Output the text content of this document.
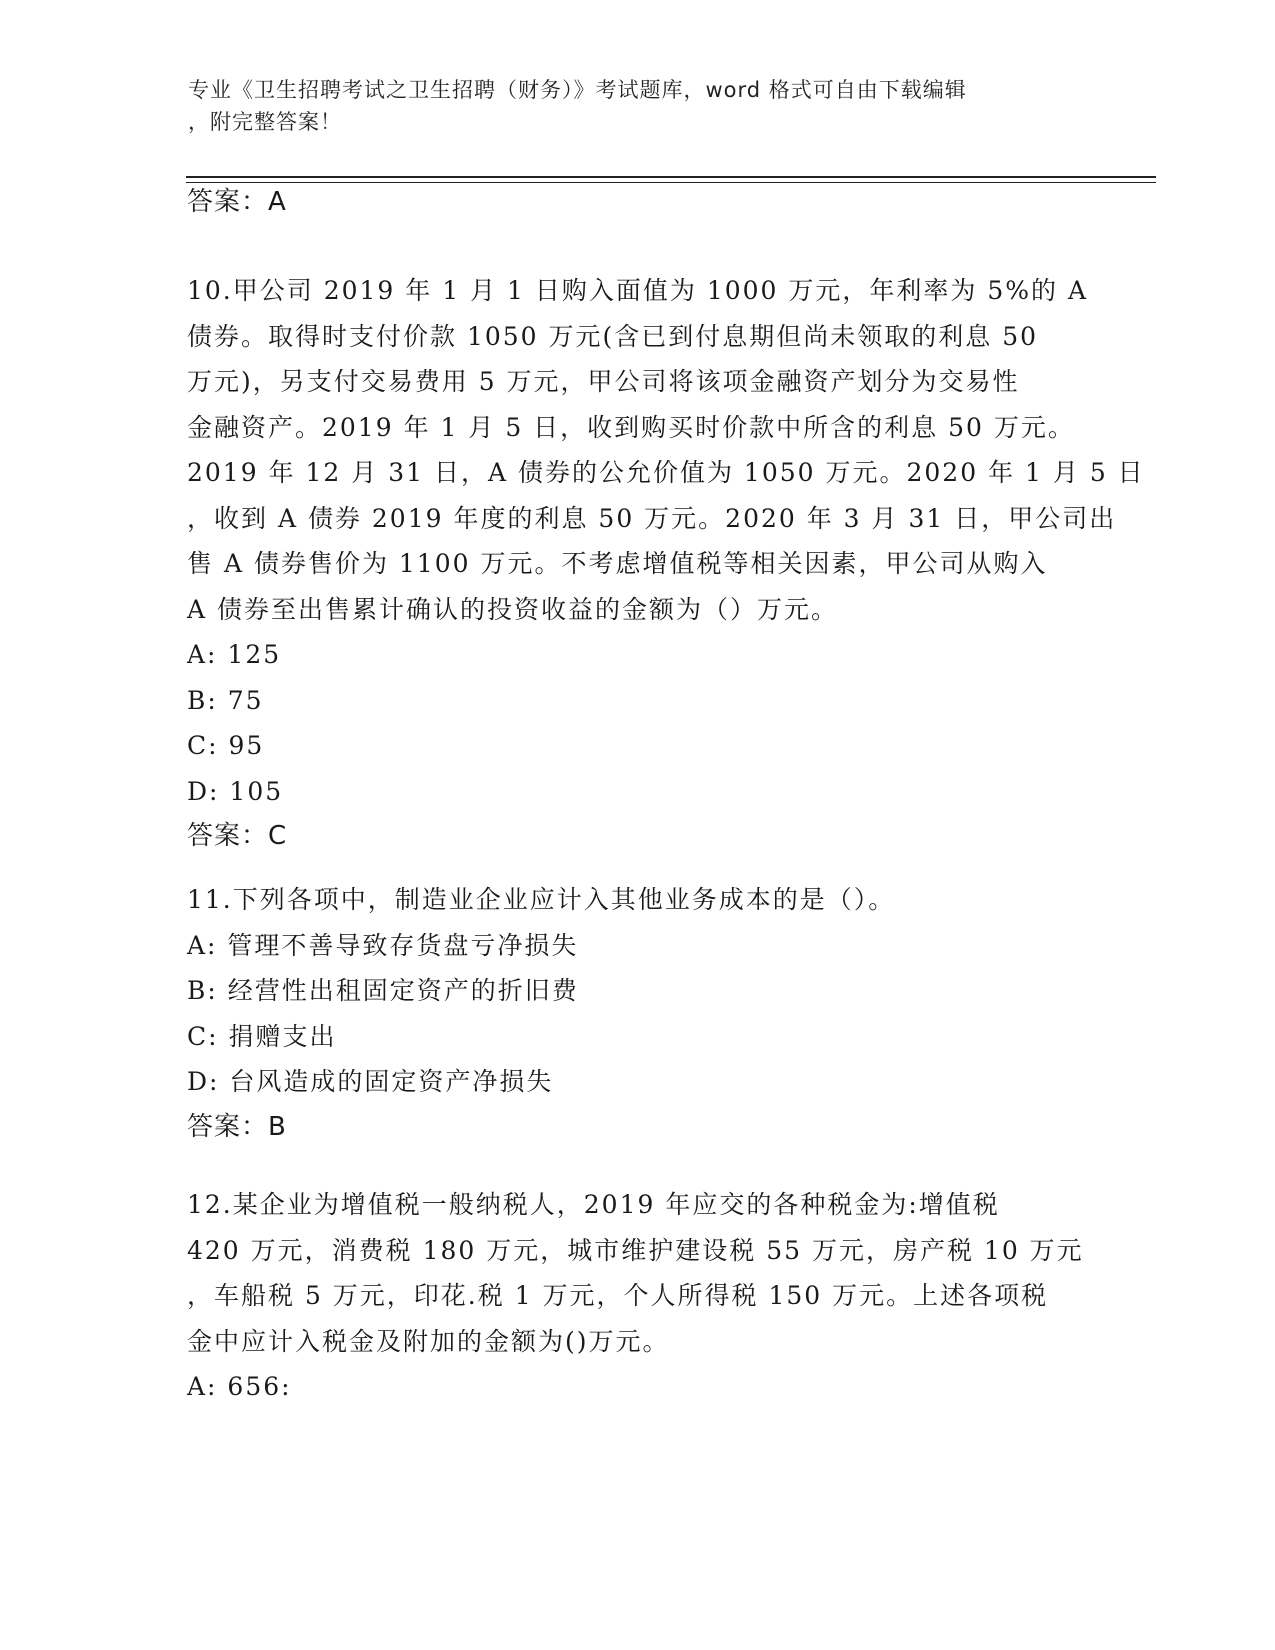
专业《卫生招聘考试之卫生招聘（财务）》考试题库，word 格式可自由下载编辑
，附完整答案！
答案：A
10.甲公司 2019 年 1 月 1 日购入面值为 1000 万元，年利率为 5%的 A
债券。取得时支付价款 1050 万元(含已到付息期但尚未领取的利息 50
万元)，另支付交易费用 5 万元，甲公司将该项金融资产划分为交易性
金融资产。2019 年 1 月 5 日，收到购买时价款中所含的利息 50 万元。
2019 年 12 月 31 日，A 债券的公允价值为 1050 万元。2020 年 1 月 5 日
，收到 A 债券 2019 年度的利息 50 万元。2020 年 3 月 31 日，甲公司出
售 A 债券售价为 1100 万元。不考虑增值税等相关因素，甲公司从购入
A 债券至出售累计确认的投资收益的金额为（）万元。
A: 125
B: 75
C: 95
D: 105
答案：C
11.下列各项中，制造业企业应计入其他业务成本的是（）。
A: 管理不善导致存货盘亏净损失
B: 经营性出租固定资产的折旧费
C: 捐赠支出
D: 台风造成的固定资产净损失
答案：B
12.某企业为增值税一般纳税人，2019 年应交的各种税金为:增值税
420 万元，消费税 180 万元，城市维护建设税 55 万元，房产税 10 万元
，车船税 5 万元，印花.税 1 万元，个人所得税 150 万元。上述各项税
金中应计入税金及附加的金额为()万元。
A: 656:
